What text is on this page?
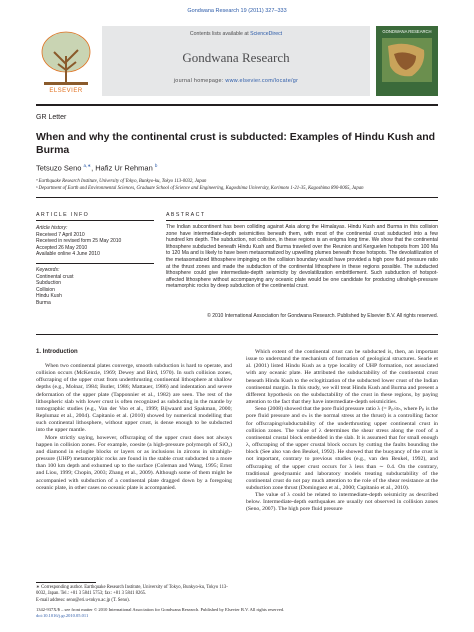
Gondwana Research 19 (2011) 327–333
ELSEVIER
Contents lists available at ScienceDirect
Gondwana Research
journal homepage: www.elsevier.com/locate/gr
GONDWANA RESEARCH
GR Letter
When and why the continental crust is subducted: Examples of Hindu Kush and Burma
Tetsuzo Seno $^{a,∗}$, Hafiz Ur Rehman $^b$
ª Earthquake Research Institute, University of Tokyo, Bunkyo-ku, Tokyo 113-0032, Japan
ᵇ Department of Earth and Environmental Sciences, Graduate School of Science and Engineering, Kagoshima University, Korimoto 1-21-35, Kagoshima 890-0065, Japan
ARTICLE INFO	ABSTRACT
Article history:
Received 7 April 2010
Received in revised form 25 May 2010
Accepted 26 May 2010
Available online 4 June 2010
Keywords:
Continental crust
Subduction
Collision
Hindu Kush
Burma
The Indian subcontinent has been colliding against Asia along the Himalayas. Hindu Kush and Burma in this collision zone have intermediate-depth seismicities beneath them, with most of the continental crust subducted into a few hundred km depth. The subduction, not collision, in these regions is an enigma long time. We show that the continental lithosphere subducted beneath Hindu Kush and Burma traveled over the Reunion and Kerguelen hotspots from 100 Ma to 120 Ma and is likely to have been metasomatized by upwelling plumes beneath those hotspots. The devolatilization of the metasomatized lithosphere impinging on the collision boundary would have provided a high pore fluid pressure ratio at the thrust zones and made the subduction of the continental lithosphere in these regions possible. The subducted lithosphere could give intermediate-depth seismicity by devolatilization embrittlement. Such subduction of hotspot-affected lithosphere without accompanying any oceanic plate would be one candidate for producing ultrahigh-pressure metamorphic rocks by deep subduction of the continental crust.
© 2010 International Association for Gondwana Research. Published by Elsevier B.V. All rights reserved.
1. Introduction

When two continental plates converge, smooth subduction is hard to operate, and collision occurs (McKenzie, 1969; Dewey and Bird, 1970). In such collision zones, offscraping of the upper crust from underthrusting continental lithosphere at shallow depths (e.g., Molnar, 1984; Butler, 1986; Mattauer, 1986) and indentation and severe deformation of the upper plate (Tapponnier et al., 1982) are seen. The rest of the lithospheric slab with lower crust is often recognized as subducting in the mantle by tomographic studies (e.g., Van der Voo et al., 1999; Bijwaard and Spakman, 2000; Replumaz et al., 2004). Capitanio et al. (2010) showed by numerical modelling that such continental lithosphere, without upper crust, is dense enough to be subducted into the upper mantle.

More strictly saying, however, offscraping of the upper crust does not always happen in collision zones. For example, coesite (a high-pressure polymorph of SiO₂) and diamond in eclogite blocks or layers or as inclusions in zircons in ultrahigh-pressure (UHP) metamorphic rocks are found in the stable crust subducted to a more than 100 km depth and exhumed up to the surface (Coleman and Wang, 1995; Ernst and Liou, 1999; Chopin, 2003; Zhang et al., 2009). Although some of them might be accompanied with subduction of a continental plate dragged down by a foregoing oceanic plate, in other cases no oceanic plate is accompanied.

Which extent of the continental crust can be subducted is, then, an important issue to understand the mechanism of formation of geological structures. Searle et al. (2001) listed Hindu Kush as a type locality of UHP formation, not associated with any oceanic plate. He attributed the subductability of the continental crust beneath Hindu Kush to the eclogitization of the subducted lower crust of the Indian continental margin. In this study, we will treat Hindu Kush and Burma and present a different hypothesis on the subductability of the crust in these regions, by paying attention to the fact that they have intermediate-depth seismicities.

Seno (2008) showed that the pore fluid pressure ratio λ (= Pₚ/σₙ, where Pₚ is the pore fluid pressure and σₙ is the normal stress at the thrust) is a controlling factor for offscraping/subductability of the underthrusting upper continental crust in collision zones. The value of λ determines the shear stress along the roof of a continental crustal block embedded in the slab. It is assumed that for small enough λ, offscraping of the upper crustal block occurs by cutting the faults bounding the block (See also van den Beukel, 1992). He showed that the buoyancy of the crust is not important, contrary to previous studies (e.g., van den Beukel, 1992), and offscraping of the upper crust occurs for λ less than ∼ 0.4. On the contrary, traditional geodynamic and laboratory models treating subductability of the continental crust do not pay much attention to the role of the shear resistance at the subduction zone thrust (Dominguez et al., 2000; Capitanio et al., 2010).

The value of λ could be related to intermediate-depth seismicity as described below. Intermediate-depth earthquakes are usually not observed in collision zones (Seno, 2007). The high pore fluid pressure

∗ Corresponding author. Earthquake Research Institute, University of Tokyo, Bunkyo-ku, Tokyo 113-0032, Japan. Tel.: +81 3 5841 5753; fax: +81 3 5841 8265.
E-mail address: seno@eri.u-tokyo.ac.jp (T. Seno).
1342-937X/$ – see front matter © 2010 International Association for Gondwana Research. Published by Elsevier B.V. All rights reserved.
doi:10.1016/j.gr.2010.05.011
